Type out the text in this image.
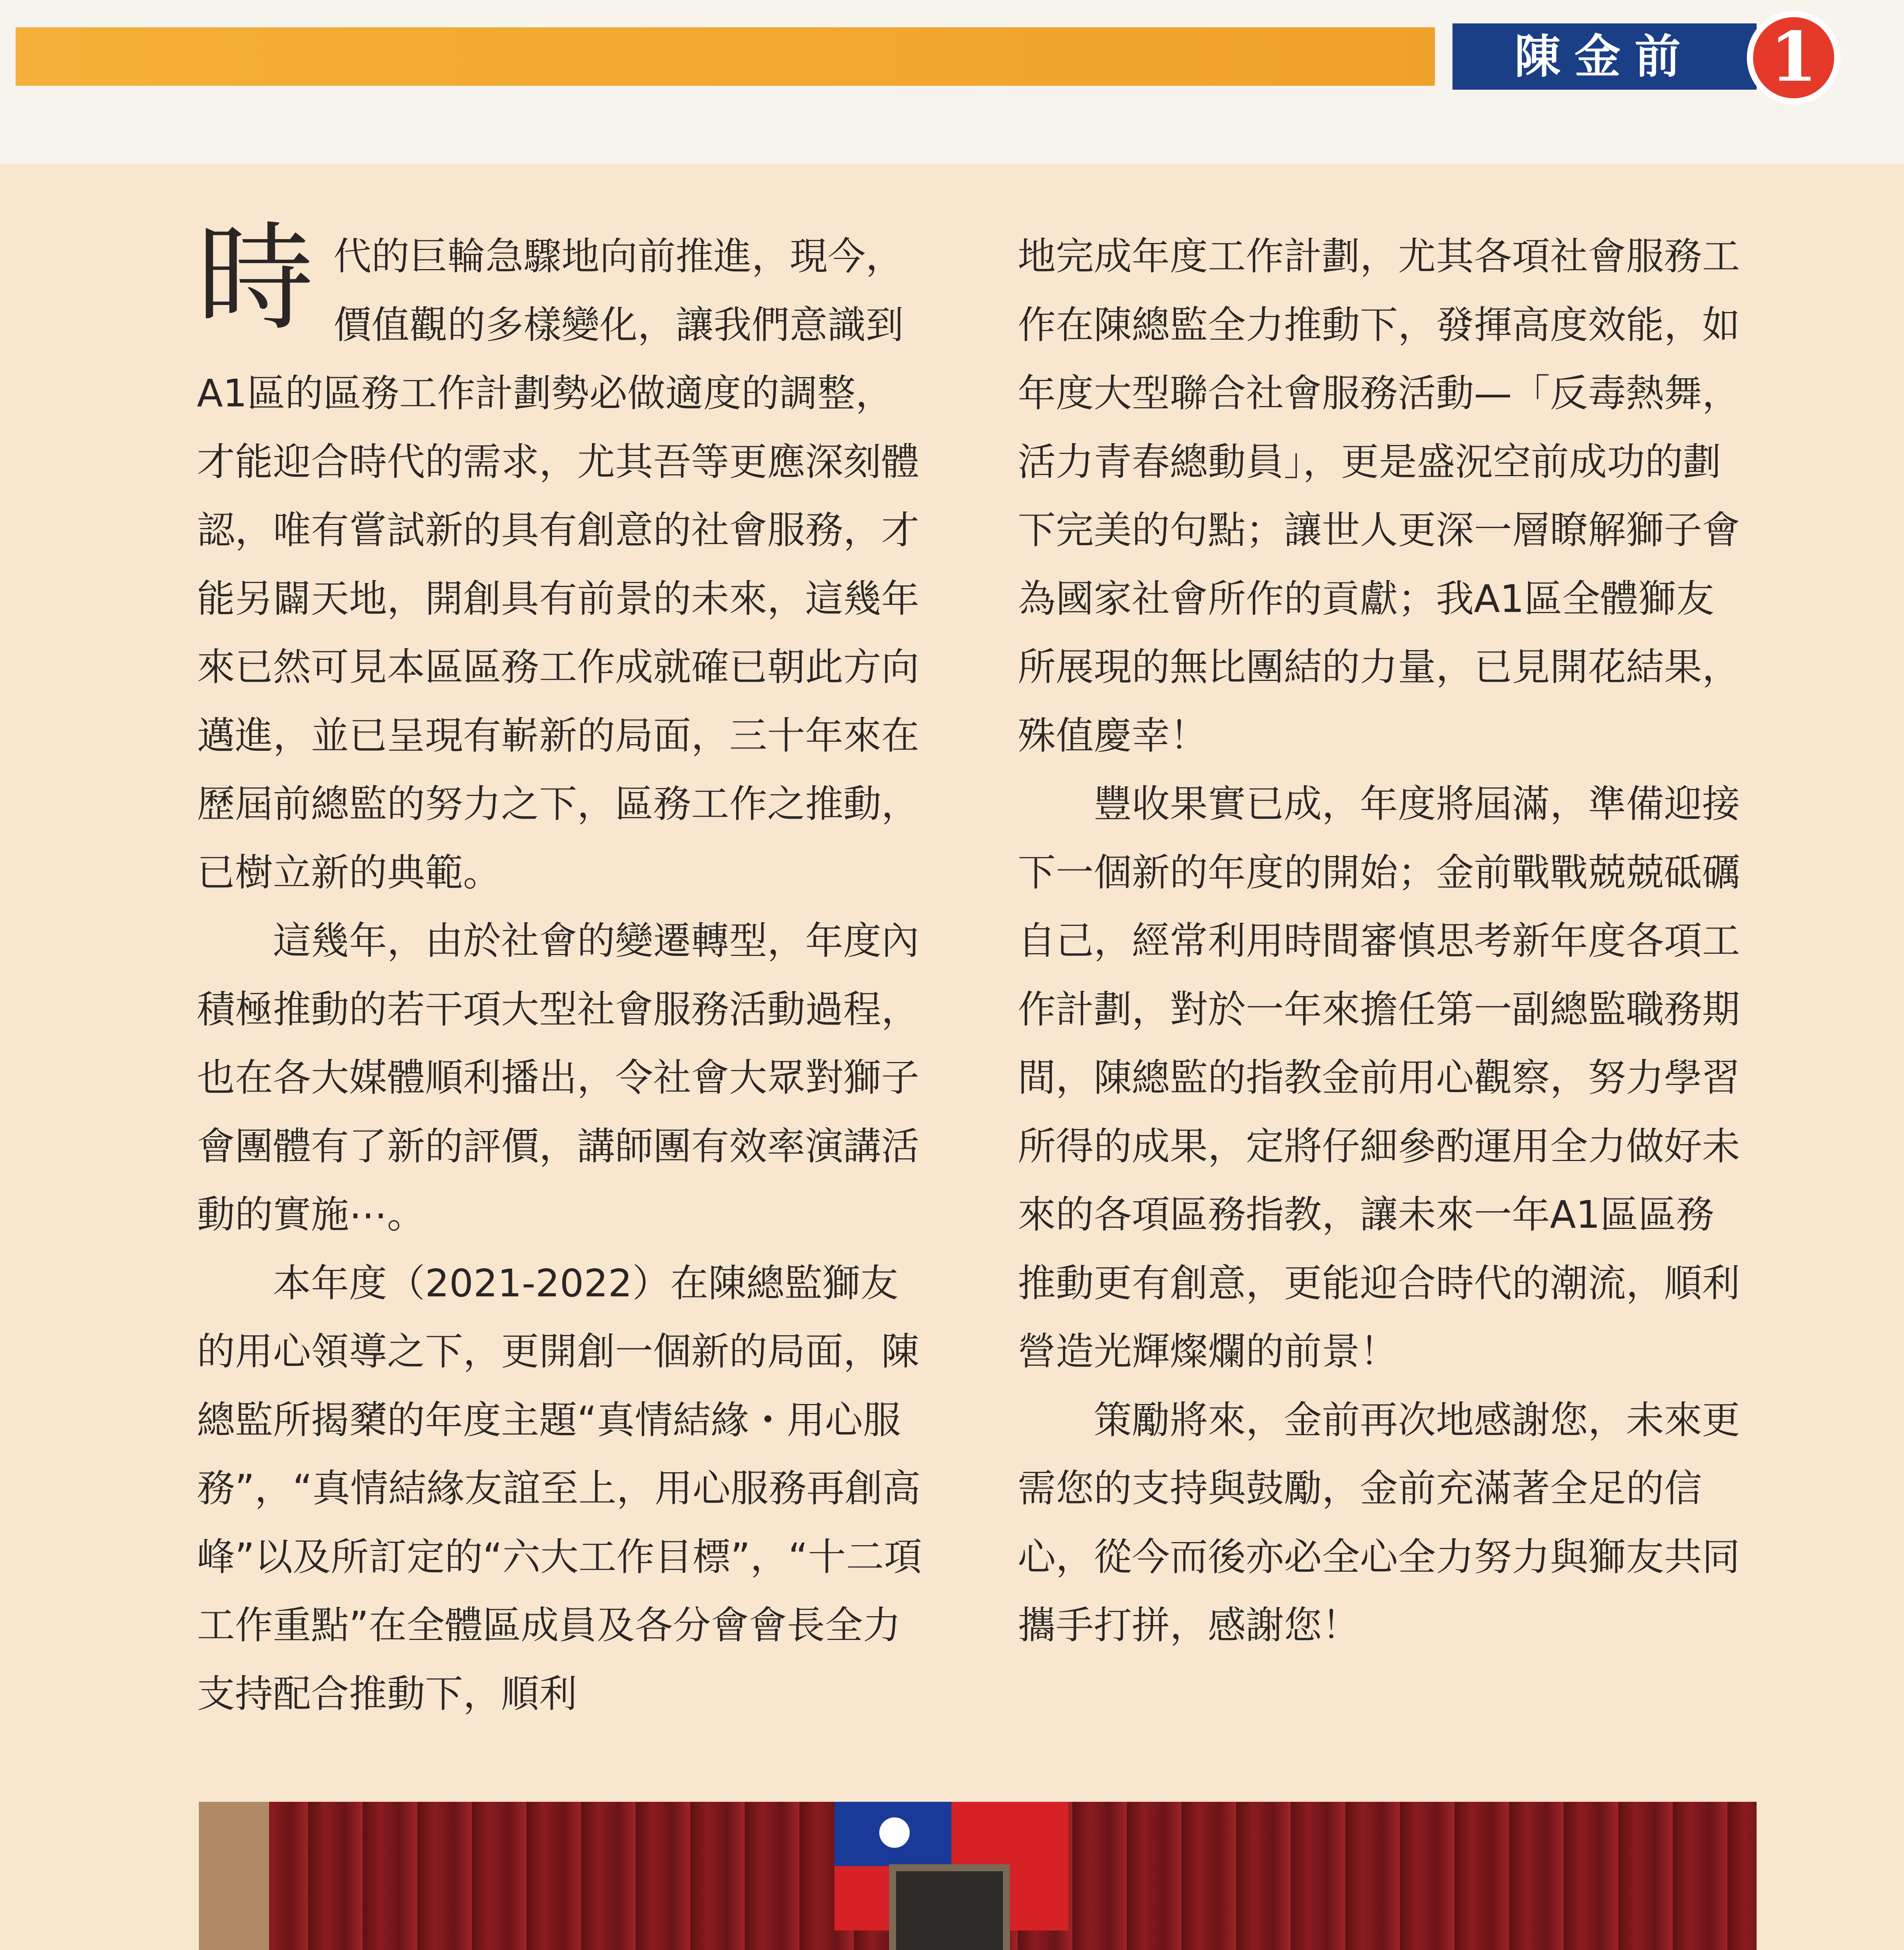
陳金前	1

時代的巨輪急驟地向前推進，現今，價值觀的多樣變化，讓我們意識到A1區的區務工作計劃勢必做適度的調整，才能迎合時代的需求，尤其吾等更應深刻體認，唯有嘗試新的具有創意的社會服務，才能另闢天地，開創具有前景的未來，這幾年來已然可見本區區務工作成就確已朝此方向邁進，並已呈現有嶄新的局面，三十年來在歷屆前總監的努力之下，區務工作之推動，已樹立新的典範。

這幾年，由於社會的變遷轉型，年度內積極推動的若干項大型社會服務活動過程，也在各大媒體順利播出，令社會大眾對獅子會團體有了新的評價，講師團有效率演講活動的實施⋯。

本年度（2021-2022）在陳總監獅友的用心領導之下，更開創一個新的局面，陳總監所揭櫫的年度主題“真情結緣・用心服務”，“真情結緣友誼至上，用心服務再創高峰”以及所訂定的“六大工作目標”，“十二項工作重點”在全體區成員及各分會會長全力支持配合推動下，順利

地完成年度工作計劃，尤其各項社會服務工作在陳總監全力推動下，發揮高度效能，如年度大型聯合社會服務活動—「反毒熱舞，活力青春總動員」，更是盛況空前成功的劃下完美的句點；讓世人更深一層瞭解獅子會為國家社會所作的貢獻；我A1區全體獅友所展現的無比團結的力量，已見開花結果，殊值慶幸！

豐收果實已成，年度將屆滿，準備迎接下一個新的年度的開始；金前戰戰兢兢砥礪自己，經常利用時間審慎思考新年度各項工作計劃，對於一年來擔任第一副總監職務期間，陳總監的指教金前用心觀察，努力學習所得的成果，定將仔細參酌運用全力做好未來的各項區務指教，讓未來一年A1區區務推動更有創意，更能迎合時代的潮流，順利營造光輝燦爛的前景！

策勵將來，金前再次地感謝您，未來更需您的支持與鼓勵，金前充滿著全足的信心，從今而後亦必全心全力努力與獅友共同攜手打拼，感謝您！
